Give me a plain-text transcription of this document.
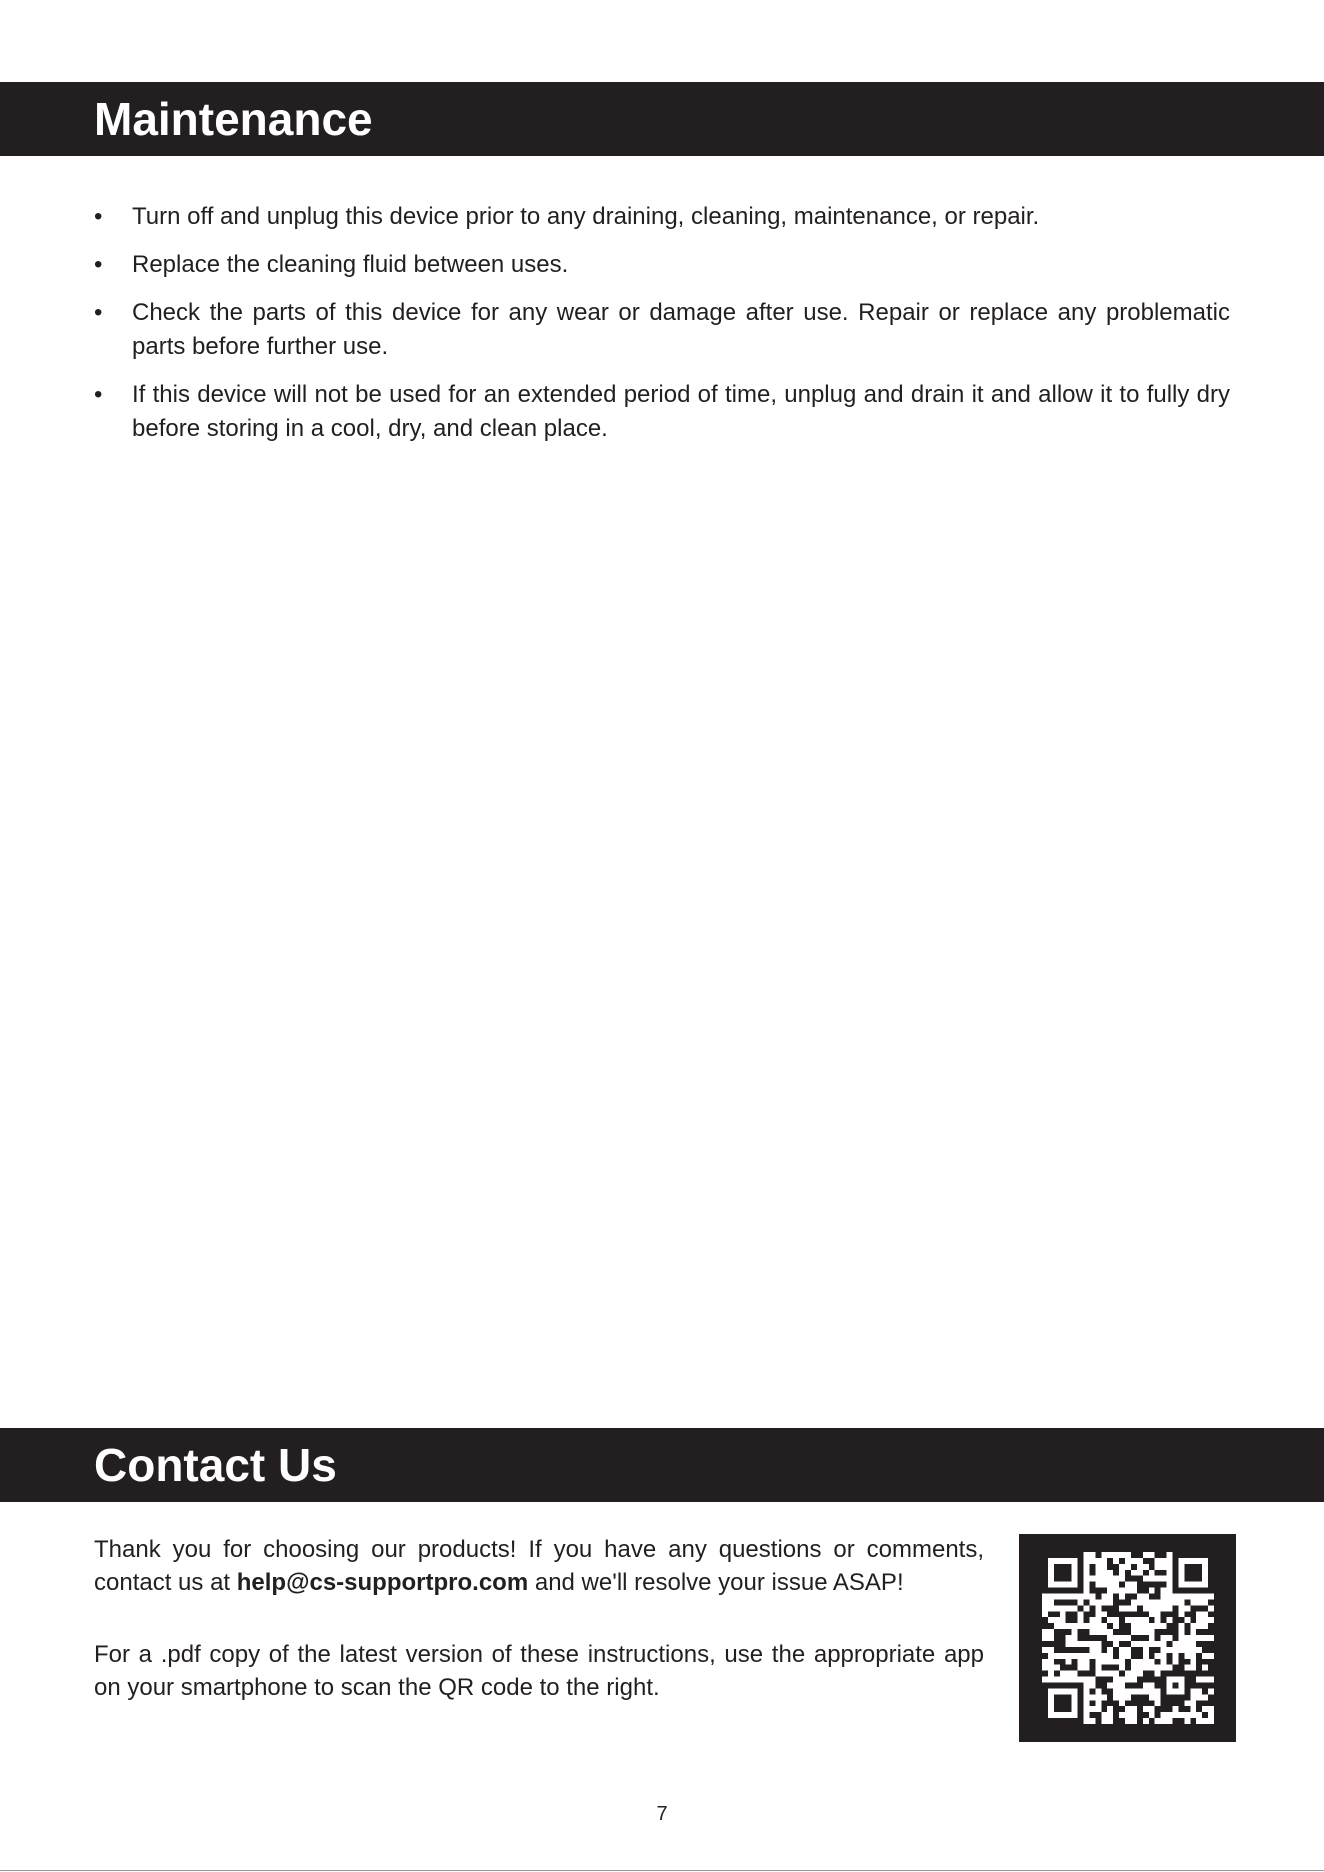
Maintenance
• Turn off and unplug this device prior to any draining, cleaning, maintenance, or repair.
• Replace the cleaning fluid between uses.
• Check the parts of this device for any wear or damage after use. Repair or replace any problematic parts before further use.
• If this device will not be used for an extended period of time, unplug and drain it and allow it to fully dry before storing in a cool, dry, and clean place.
Contact Us

Thank you for choosing our products! If you have any questions or comments, contact us at help@cs-supportpro.com and we'll resolve your issue ASAP!

For a .pdf copy of the latest version of these instructions, use the appropriate app on your smartphone to scan the QR code to the right.

7
